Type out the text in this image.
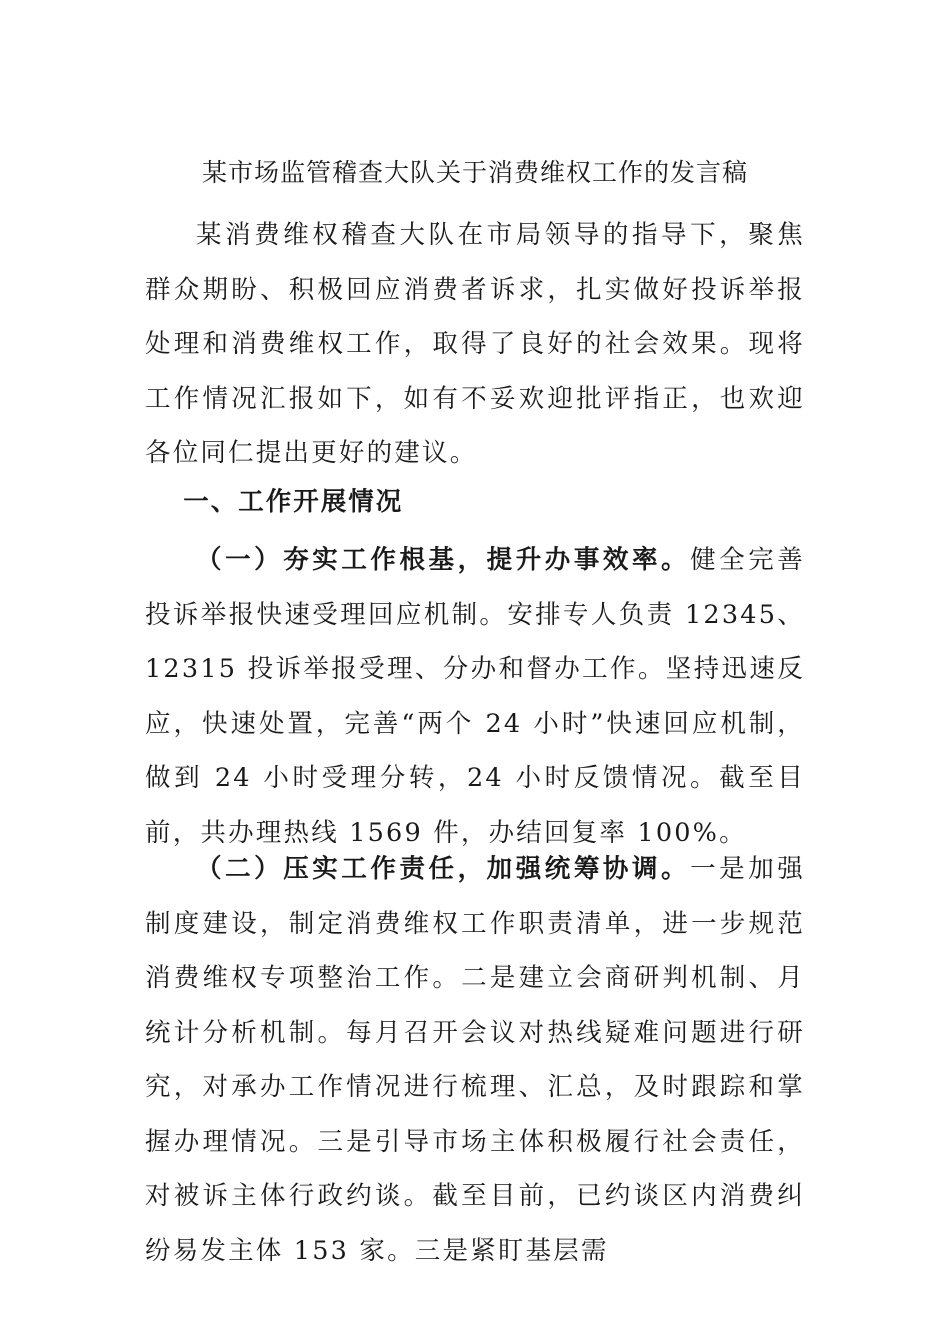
某市场监管稽查大队关于消费维权工作的发言稿

某消费维权稽查大队在市局领导的指导下，聚焦群众期盼、积极回应消费者诉求，扎实做好投诉举报处理和消费维权工作，取得了良好的社会效果。现将工作情况汇报如下，如有不妥欢迎批评指正，也欢迎各位同仁提出更好的建议。

一、工作开展情况

（一）夯实工作根基，提升办事效率。健全完善投诉举报快速受理回应机制。安排专人负责 12345、12315 投诉举报受理、分办和督办工作。坚持迅速反应，快速处置，完善“两个 24 小时”快速回应机制，做到 24 小时受理分转，24 小时反馈情况。截至目前，共办理热线 1569 件，办结回复率 100%。

（二）压实工作责任，加强统筹协调。一是加强制度建设，制定消费维权工作职责清单，进一步规范消费维权专项整治工作。二是建立会商研判机制、月统计分析机制。每月召开会议对热线疑难问题进行研究，对承办工作情况进行梳理、汇总，及时跟踪和掌握办理情况。三是引导市场主体积极履行社会责任，对被诉主体行政约谈。截至目前，已约谈区内消费纠纷易发主体 153 家。三是紧盯基层需
